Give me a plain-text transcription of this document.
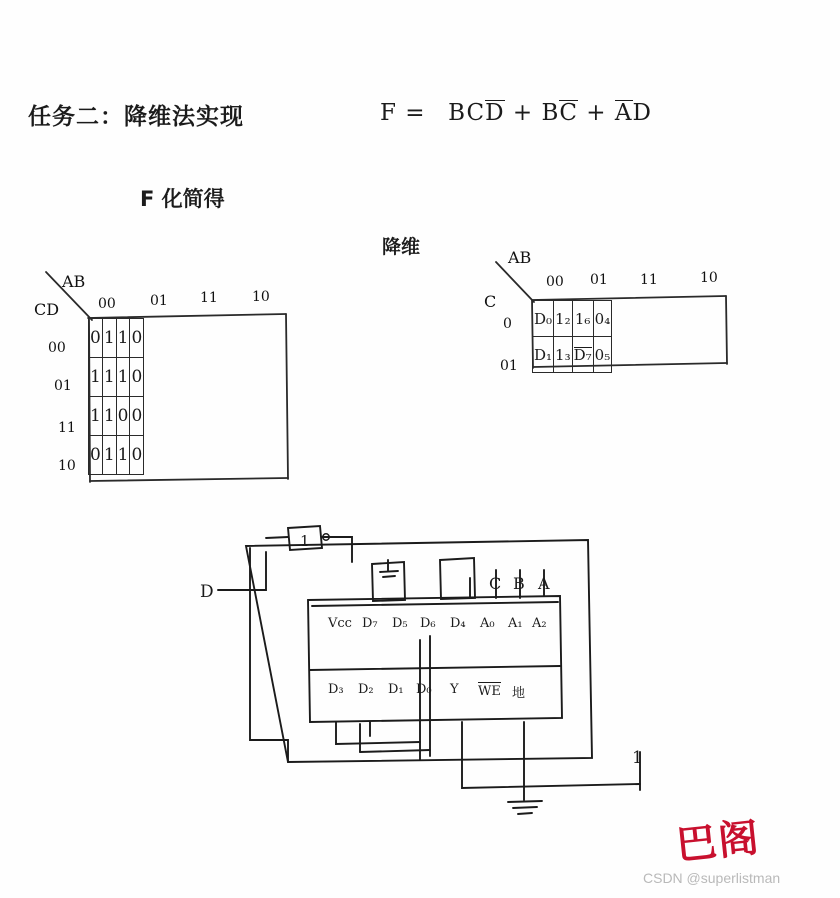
任务二：降维法实现	F = BCD + BC + AD
F 化简得
降维
AB
CD	00 01 11 10
00
01
11
10
0	1	1	0
1	1	1	0
1	1	0	0
0	1	1	0
AB
C
00 01 11	10
0
01
D₀	1₂	1₆	0₄
D₁	1₃	D₇	0₅
D
1
C B A
Vcc D₇ D₅ D₆ D₄ A₀ A₁ A₂
D₃ D₂ D₁ D₀ Y WE 地
1
巴阁
CSDN @superlistman
